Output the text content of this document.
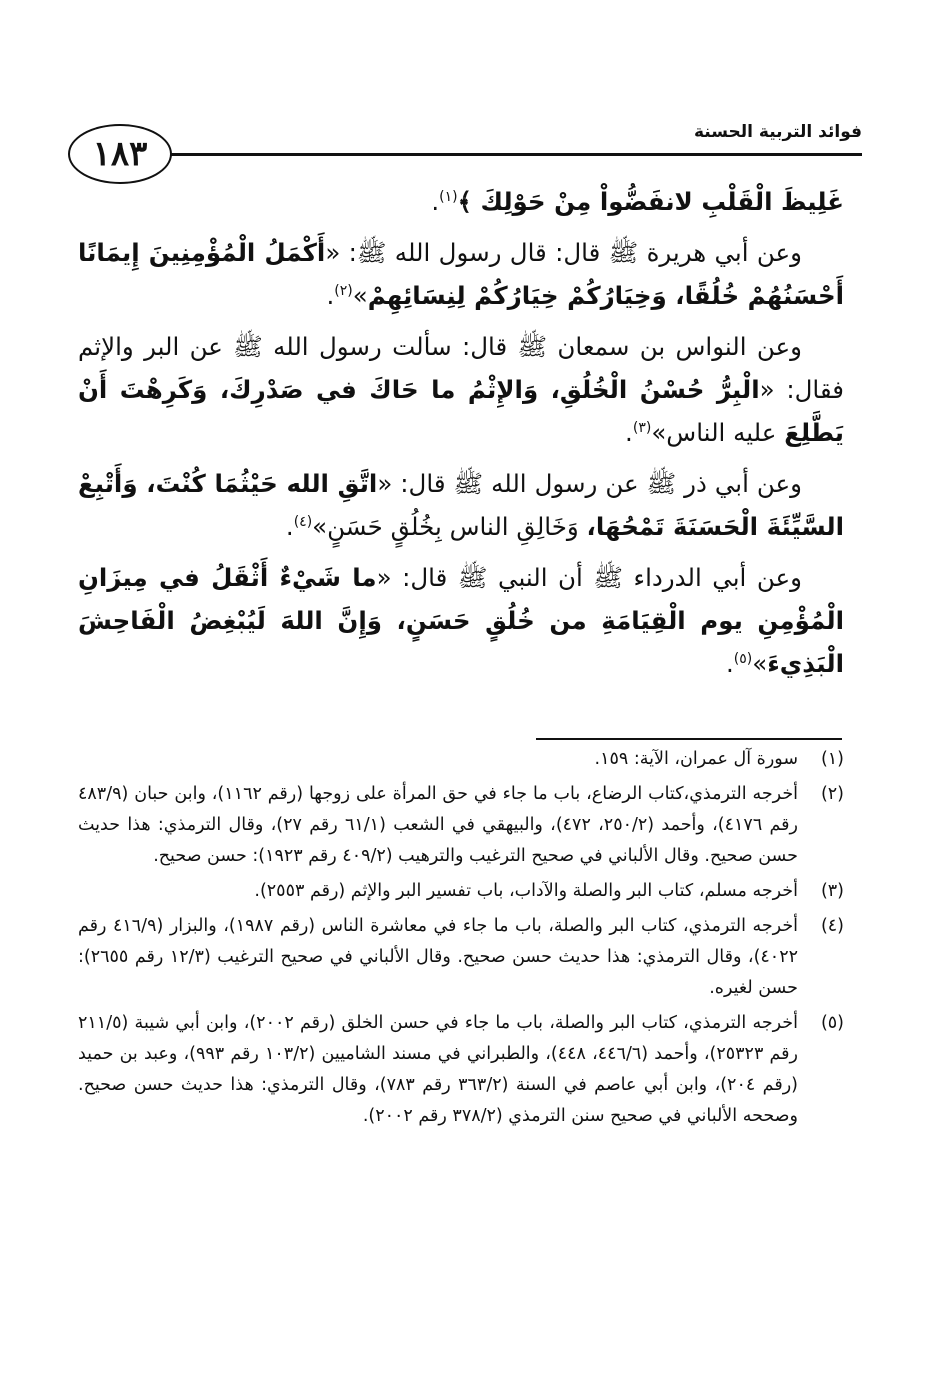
١٨٣
فوائد التربية الحسنة

غَلِيظَ الْقَلْبِ لانفَضُّواْ مِنْ حَوْلِكَ ﴾$^{(١)}$.

وعن أبي هريرة ﷺ قال: قال رسول الله ﷺ: «أَكْمَلُ الْمُؤْمِنِينَ إِيمَانًا أَحْسَنُهُمْ خُلُقًا، وَخِيَارُكُمْ خِيَارُكُمْ لِنِسَائِهِمْ»$^{(٢)}$.

وعن النواس بن سمعان ﷺ قال: سألت رسول الله ﷺ عن البر والإثم فقال: «الْبِرُّ حُسْنُ الْخُلُقِ، وَالإِثْمُ ما حَاكَ في صَدْرِكَ، وَكَرِهْتَ أَنْ يَطَّلِعَ عليه الناس»$^{(٣)}$.

وعن أبي ذر ﷺ عن رسول الله ﷺ قال: «اتَّقِ الله حَيْثُمَا كُنْتَ، وَأَتْبِعْ السَّيِّئَةَ الْحَسَنَةَ تَمْحُهَا، وَخَالِقِ الناس بِخُلُقٍ حَسَنٍ»$^{(٤)}$.

وعن أبي الدرداء ﷺ أن النبي ﷺ قال: «ما شَيْءٌ أَثْقَلُ في مِيزَانِ الْمُؤْمِنِ يوم الْقِيَامَةِ من خُلُقٍ حَسَنٍ، وَإِنَّ اللهَ لَيُبْغِضُ الْفَاحِشَ الْبَذِيءَ»$^{(٥)}$.

(١)
سورة آل عمران، الآية: ١٥٩.
(٢)
أخرجه الترمذي،كتاب الرضاع، باب ما جاء في حق المرأة على زوجها (رقم ١١٦٢)، وابن حبان (٤٨٣/٩ رقم ٤١٧٦)، وأحمد (٢٥٠/٢، ٤٧٢)، والبيهقي في الشعب (٦١/١ رقم ٢٧)، وقال الترمذي: هذا حديث حسن صحيح. وقال الألباني في صحيح الترغيب والترهيب (٤٠٩/٢ رقم ١٩٢٣): حسن صحيح.
(٣)
أخرجه مسلم، كتاب البر والصلة والآداب، باب تفسير البر والإثم (رقم ٢٥٥٣).
(٤)
أخرجه الترمذي، كتاب البر والصلة، باب ما جاء في معاشرة الناس (رقم ١٩٨٧)، والبزار (٤١٦/٩ رقم ٤٠٢٢)، وقال الترمذي: هذا حديث حسن صحيح. وقال الألباني في صحيح الترغيب (١٢/٣ رقم ٢٦٥٥): حسن لغيره.
(٥)
أخرجه الترمذي، كتاب البر والصلة، باب ما جاء في حسن الخلق (رقم ٢٠٠٢)، وابن أبي شيبة (٢١١/٥ رقم ٢٥٣٢٣)، وأحمد (٤٤٦/٦، ٤٤٨)، والطبراني في مسند الشاميين (١٠٣/٢ رقم ٩٩٣)، وعبد بن حميد (رقم ٢٠٤)، وابن أبي عاصم في السنة (٣٦٣/٢ رقم ٧٨٣)، وقال الترمذي: هذا حديث حسن صحيح. وصححه الألباني في صحيح سنن الترمذي (٣٧٨/٢ رقم ٢٠٠٢).
